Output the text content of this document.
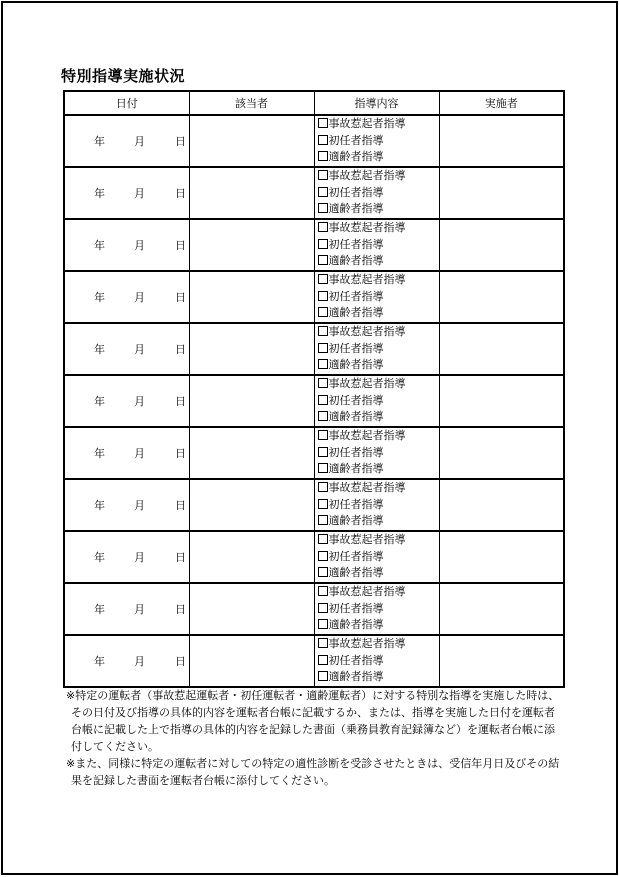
特別指導実施状況
日付	該当者	指導内容	実施者
年 月 日		事故惹起者指導
初任者指導
適齢者指導	

年 月 日		事故惹起者指導
初任者指導
適齢者指導	

年 月 日		事故惹起者指導
初任者指導
適齢者指導	

年 月 日		事故惹起者指導
初任者指導
適齢者指導	

年 月 日		事故惹起者指導
初任者指導
適齢者指導	

年 月 日		事故惹起者指導
初任者指導
適齢者指導	

年 月 日		事故惹起者指導
初任者指導
適齢者指導	

年 月 日		事故惹起者指導
初任者指導
適齢者指導	

年 月 日		事故惹起者指導
初任者指導
適齢者指導	

年 月 日		事故惹起者指導
初任者指導
適齢者指導	

年 月 日		事故惹起者指導
初任者指導
適齢者指導	

※特定の運転者（事故惹起運転者・初任運転者・適齢運転者）に対する特別な指導を実施した時は、その日付及び指導の具体的内容を運転者台帳に記載するか、または、指導を実施した日付を運転者台帳に記載した上で指導の具体的内容を記録した書面（乗務員教育記録簿など）を運転者台帳に添付してください。

※また、同様に特定の運転者に対しての特定の適性診断を受診させたときは、受信年月日及びその結果を記録した書面を運転者台帳に添付してください。
